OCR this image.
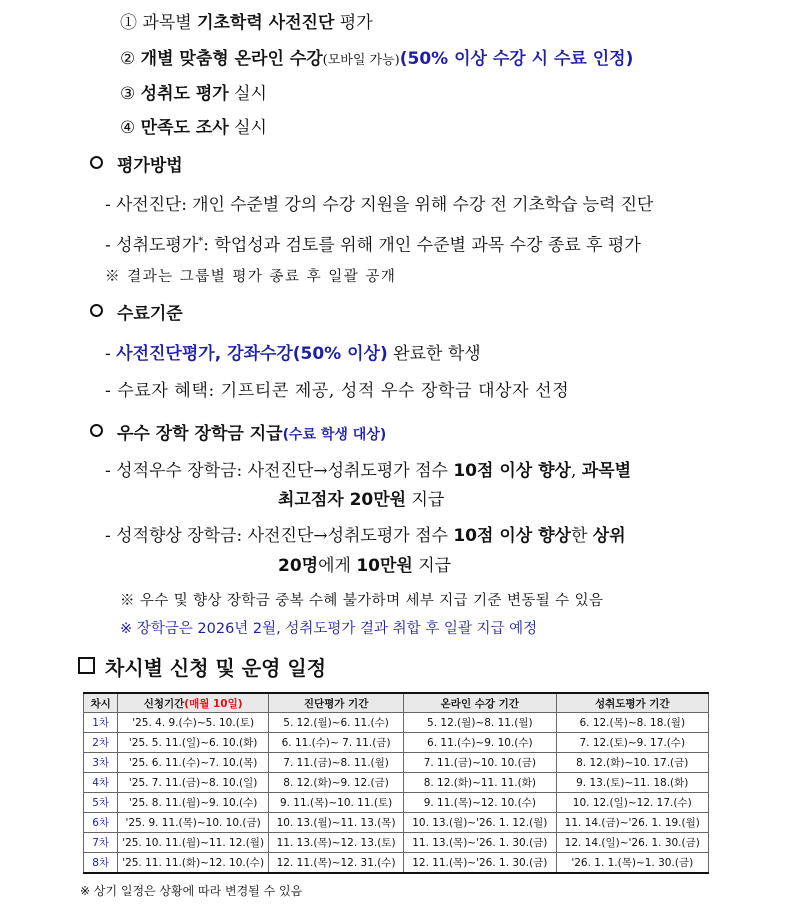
① 과목별 기초학력 사전진단 평가
② 개별 맞춤형 온라인 수강(모바일 가능)(50% 이상 수강 시 수료 인정)
③ 성취도 평가 실시
④ 만족도 조사 실시
평가방법
- 사전진단: 개인 수준별 강의 수강 지원을 위해 수강 전 기초학습 능력 진단
- 성취도평가*: 학업성과 검토를 위해 개인 수준별 과목 수강 종료 후 평가
※ 결과는 그룹별 평가 종료 후 일괄 공개
수료기준
- 사전진단평가, 강좌수강(50% 이상) 완료한 학생
- 수료자 혜택: 기프티콘 제공, 성적 우수 장학금 대상자 선정
우수 장학 장학금 지급(수료 학생 대상)
- 성적우수 장학금: 사전진단→성취도평가 점수 10점 이상 향상, 과목별
최고점자 20만원 지급
- 성적향상 장학금: 사전진단→성취도평가 점수 10점 이상 향상한 상위
20명에게 10만원 지급
※ 우수 및 향상 장학금 중복 수혜 불가하며 세부 지급 기준 변동될 수 있음
※ 장학금은 2026년 2월, 성취도평가 결과 취합 후 일괄 지급 예정
차시별 신청 및 운영 일정
차시	신청기간(매월 10일)	진단평가 기간	온라인 수강 기간	성취도평가 기간
1차	'25. 4. 9.(수)~5. 10.(토)	5. 12.(월)~6. 11.(수)	5. 12.(월)~8. 11.(월)	6. 12.(목)~8. 18.(월)
2차	'25. 5. 11.(일)~6. 10.(화)	6. 11.(수)~ 7. 11.(금)	6. 11.(수)~9. 10.(수)	7. 12.(토)~9. 17.(수)
3차	'25. 6. 11.(수)~7. 10.(목)	7. 11.(금)~8. 11.(월)	7. 11.(금)~10. 10.(금)	8. 12.(화)~10. 17.(금)
4차	'25. 7. 11.(금)~8. 10.(일)	8. 12.(화)~9. 12.(금)	8. 12.(화)~11. 11.(화)	9. 13.(토)~11. 18.(화)
5차	'25. 8. 11.(월)~9. 10.(수)	9. 11.(목)~10. 11.(토)	9. 11.(목)~12. 10.(수)	10. 12.(일)~12. 17.(수)
6차	'25. 9. 11.(목)~10. 10.(금)	10. 13.(월)~11. 13.(목)	10. 13.(월)~'26. 1. 12.(월)	11. 14.(금)~'26. 1. 19.(월)
7차	'25. 10. 11.(월)~11. 12.(월)	11. 13.(목)~12. 13.(토)	11. 13.(목)~'26. 1. 30.(금)	12. 14.(일)~'26. 1. 30.(금)
8차	'25. 11. 11.(화)~12. 10.(수)	12. 11.(목)~12. 31.(수)	12. 11.(목)~'26. 1. 30.(금)	'26. 1. 1.(목)~1. 30.(금)
※ 상기 일정은 상황에 따라 변경될 수 있음
